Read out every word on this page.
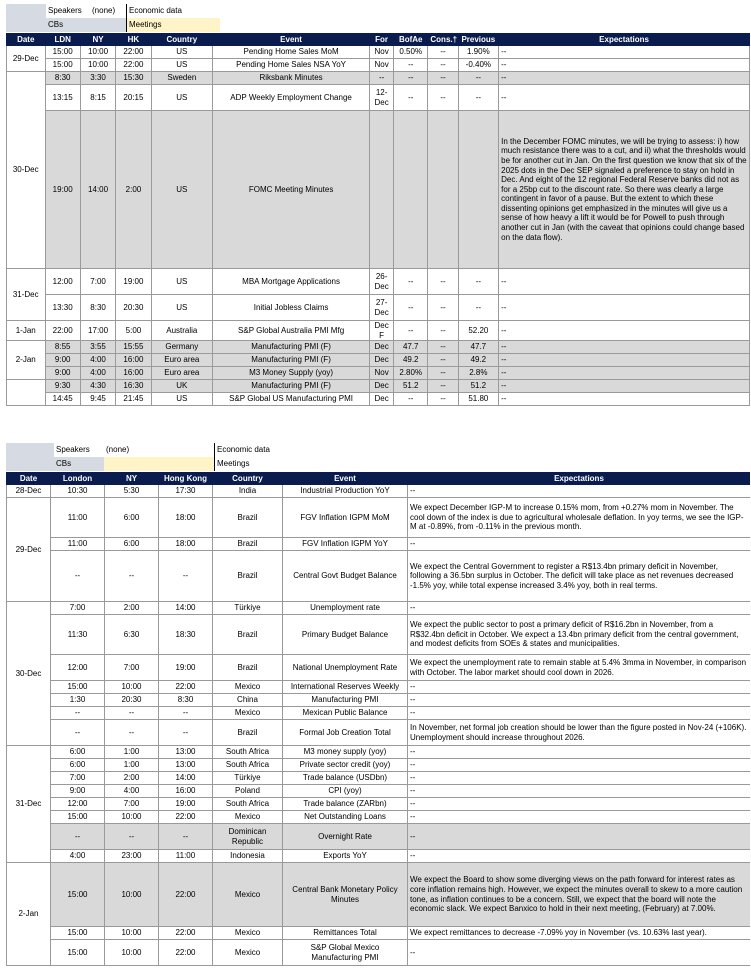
Speakers	(none)	Economic data
CBs	Meetings
Date	LDN	NY	HK	Country	Event	For	BofAe	Cons.†	Previous	Expectations
29-Dec	15:00	10:00	22:00	US	Pending Home Sales MoM	Nov	0.50%	--	1.90%	--
	15:00	10:00	22:00	US	Pending Home Sales NSA YoY	Nov	--	--	-0.40%	--
30-Dec	8:30	3:30	15:30	Sweden	Riksbank Minutes	--	--	--	--	--
	13:15	8:15	20:15	US	ADP Weekly Employment Change	12-Dec	--	--	--	--
	19:00	14:00	2:00	US	FOMC Meeting Minutes					In the December FOMC minutes, we will be trying to assess: i) how much resistance there was to a cut, and ii) what the thresholds would be for another cut in Jan. On the first question we know that six of the 2025 dots in the Dec SEP signaled a preference to stay on hold in Dec. And eight of the 12 regional Federal Reserve banks did not as for a 25bp cut to the discount rate. So there was clearly a large contingent in favor of a pause. But the extent to which these dissenting opinions get emphasized in the minutes will give us a sense of how heavy a lift it would be for Powell to push through another cut in Jan (with the caveat that opinions could change based on the data flow).
31-Dec	12:00	7:00	19:00	US	MBA Mortgage Applications	26-Dec	--	--	--	--
	13:30	8:30	20:30	US	Initial Jobless Claims	27-Dec	--	--	--	--
1-Jan	22:00	17:00	5:00	Australia	S&P Global Australia PMI Mfg	Dec F	--	--	52.20	--
2-Jan	8:55	3:55	15:55	Germany	Manufacturing PMI (F)	Dec	47.7	--	47.7	--
	9:00	4:00	16:00	Euro area	Manufacturing PMI (F)	Dec	49.2	--	49.2	--
	9:00	4:00	16:00	Euro area	M3 Money Supply (yoy)	Nov	2.80%	--	2.8%	--
	9:30	4:30	16:30	UK	Manufacturing PMI (F)	Dec	51.2	--	51.2	--
	14:45	9:45	21:45	US	S&P Global US Manufacturing PMI	Dec	--	--	51.80	--
Speakers	(none)	Economic data
CBs	Meetings
Date	London	NY	Hong Kong	Country	Event	Expectations
28-Dec	10:30	5:30	17:30	India	Industrial Production YoY	--
29-Dec	11:00	6:00	18:00	Brazil	FGV Inflation IGPM MoM	We expect December IGP-M to increase 0.15% mom, from +0.27% mom in November. The cool down of the index is due to agricultural wholesale deflation. In yoy terms, we see the IGP-M at -0.89%, from -0.11% in the previous month.
	11:00	6:00	18:00	Brazil	FGV Inflation IGPM YoY	--
	--	--	--	Brazil	Central Govt Budget Balance	We expect the Central Government to register a R$13.4bn primary deficit in November, following a 36.5bn surplus in October. The deficit will take place as net revenues decreased -1.5% yoy, while total expense increased 3.4% yoy, both in real terms.
30-Dec	7:00	2:00	14:00	Türkiye	Unemployment rate	--
	11:30	6:30	18:30	Brazil	Primary Budget Balance	We expect the public sector to post a primary deficit of R$16.2bn in November, from a R$32.4bn deficit in October. We expect a 13.4bn primary deficit from the central government, and modest deficits from SOEs & states and municipalities.
	12:00	7:00	19:00	Brazil	National Unemployment Rate	We expect the unemployment rate to remain stable at 5.4% 3mma in November, in comparison with October. The labor market should cool down in 2026.
	15:00	10:00	22:00	Mexico	International Reserves Weekly	--
	1:30	20:30	8:30	China	Manufacturing PMI	--
	--	--	--	Mexico	Mexican Public Balance	--
	--	--	--	Brazil	Formal Job Creation Total	In November, net formal job creation should be lower than the figure posted in Nov-24 (+106K). Unemployment should increase throughout 2026.
31-Dec	6:00	1:00	13:00	South Africa	M3 money supply (yoy)	--
	6:00	1:00	13:00	South Africa	Private sector credit (yoy)	--
	7:00	2:00	14:00	Türkiye	Trade balance (USDbn)	--
	9:00	4:00	16:00	Poland	CPI (yoy)	--
	12:00	7:00	19:00	South Africa	Trade balance (ZARbn)	--
	15:00	10:00	22:00	Mexico	Net Outstanding Loans	--
	--	--	--	Dominican Republic	Overnight Rate	--
	4:00	23:00	11:00	Indonesia	Exports YoY	--
2-Jan	15:00	10:00	22:00	Mexico	Central Bank Monetary Policy Minutes	We expect the Board to show some diverging views on the path forward for interest rates as core inflation remains high. However, we expect the minutes overall to skew to a more caution tone, as inflation continues to be a concern. Still, we expect that the board will note the economic slack. We expect Banxico to hold in their next meeting, (February) at 7.00%.
	15:00	10:00	22:00	Mexico	Remittances Total	We expect remittances to decrease -7.09% yoy in November (vs. 10.63% last year).
	15:00	10:00	22:00	Mexico	S&P Global Mexico Manufacturing PMI	--
